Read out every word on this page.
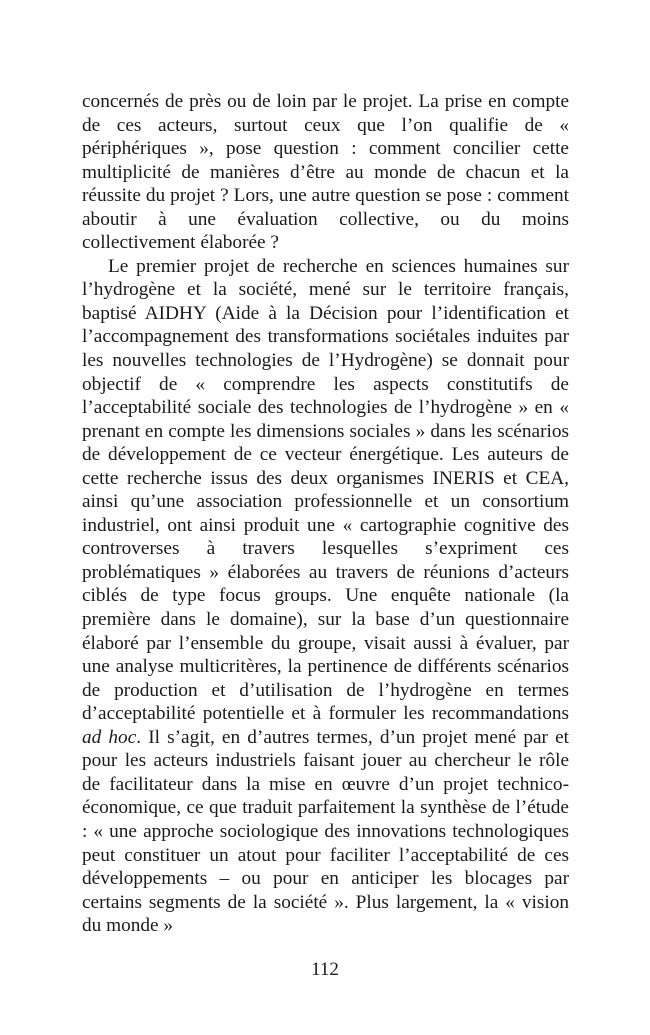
concernés de près ou de loin par le projet. La prise en compte de ces acteurs, surtout ceux que l’on qualifie de « périphériques », pose question : comment concilier cette multiplicité de manières d’être au monde de chacun et la réussite du projet ? Lors, une autre question se pose : comment aboutir à une évaluation collective, ou du moins collectivement élaborée ?

Le premier projet de recherche en sciences humaines sur l’hydrogène et la société, mené sur le territoire français, baptisé AIDHY (Aide à la Décision pour l’identification et l’accompagnement des transformations sociétales induites par les nouvelles technologies de l’Hydrogène) se donnait pour objectif de « comprendre les aspects constitutifs de l’acceptabilité sociale des technologies de l’hydrogène » en « prenant en compte les dimensions sociales » dans les scénarios de développement de ce vecteur énergétique. Les auteurs de cette recherche issus des deux organismes INERIS et CEA, ainsi qu’une association professionnelle et un consortium industriel, ont ainsi produit une « cartographie cognitive des controverses à travers lesquelles s’expriment ces problématiques » élaborées au travers de réunions d’acteurs ciblés de type focus groups. Une enquête nationale (la première dans le domaine), sur la base d’un questionnaire élaboré par l’ensemble du groupe, visait aussi à évaluer, par une analyse multicritères, la pertinence de différents scénarios de production et d’utilisation de l’hydrogène en termes d’acceptabilité potentielle et à formuler les recommandations ad hoc. Il s’agit, en d’autres termes, d’un projet mené par et pour les acteurs industriels faisant jouer au chercheur le rôle de facilitateur dans la mise en œuvre d’un projet technico-économique, ce que traduit parfaitement la synthèse de l’étude : « une approche sociologique des innovations technologiques peut constituer un atout pour faciliter l’acceptabilité de ces développements – ou pour en anticiper les blocages par certains segments de la société ». Plus largement, la « vision du monde »

112
